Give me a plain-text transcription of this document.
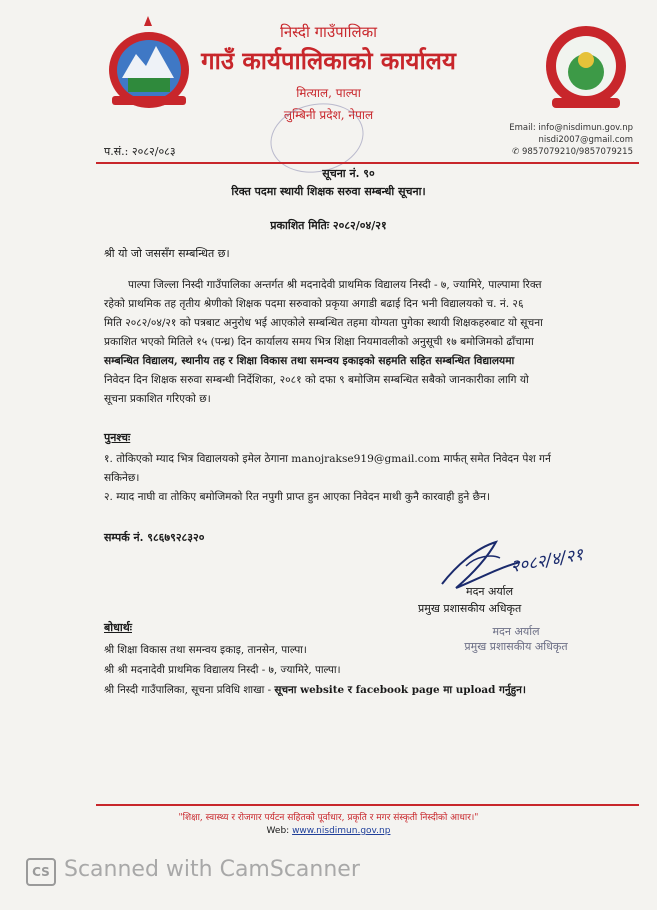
निस्दी गाउँपालिका
गाउँ कार्यपालिकाको कार्यालय
मित्याल, पाल्पा
लुम्बिनी प्रदेश, नेपाल
Email: info@nisdimun.gov.np
nisdi2007@gmail.com
✆ 9857079210/9857079215
प.सं.: २०८२/०८३
सूचना नं. ९०
रिक्त पदमा स्थायी शिक्षक सरुवा सम्बन्धी सूचना।
प्रकाशित मितिः २०८२/०४/२१
श्री यो जो जससँग सम्बन्धित छ।
पाल्पा जिल्ला निस्दी गाउँपालिका अन्तर्गत श्री मदनादेवी प्राथमिक विद्यालय निस्दी - ७, ज्यामिरे, पाल्पामा रिक्त
रहेको प्राथमिक तह तृतीय श्रेणीको शिक्षक पदमा सरुवाको प्रकृया अगाडी बढाई दिन भनी विद्यालयको च. नं. २६
मिति २०८२/०४/२१ को पत्रबाट अनुरोध भई आएकोले सम्बन्धित तहमा योग्यता पुगेका स्थायी शिक्षकहरुबाट यो सूचना
प्रकाशित भएको मितिले १५ (पन्ध्र) दिन कार्यालय समय भित्र शिक्षा नियमावलीको अनुसूची १७ बमोजिमको ढाँचामा
सम्बन्धित विद्यालय, स्थानीय तह र शिक्षा विकास तथा समन्वय इकाइको सहमति सहित सम्बन्धित विद्यालयमा
निवेदन दिन शिक्षक सरुवा सम्बन्धी निर्देशिका, २०८१ को दफा ९ बमोजिम सम्बन्धित सबैको जानकारीका लागि यो
सूचना प्रकाशित गरिएको छ।
पुनश्चः
१. तोकिएको म्याद भित्र विद्यालयको इमेल ठेगाना manojrakse919@gmail.com मार्फत् समेत निवेदन पेश गर्न
सकिनेछ।
२. म्याद नाघी वा तोकिए बमोजिमको रित नपुगी प्राप्त हुन आएका निवेदन माथी कुनै कारवाही हुने छैन।
सम्पर्क नं. ९८६७९२८३२०
२०८२/४/२१
मदन अर्याल
प्रमुख प्रशासकीय अधिकृत
मदन अर्याल
प्रमुख प्रशासकीय अधिकृत
बोधार्थः
श्री शिक्षा विकास तथा समन्वय इकाइ, तानसेन, पाल्पा।
श्री श्री मदनादेवी प्राथमिक विद्यालय निस्दी - ७, ज्यामिरे, पाल्पा।
श्री निस्दी गाउँपालिका, सूचना प्रविधि शाखा - सूचना website र facebook page मा upload गर्नुहुन।
"शिक्षा, स्वास्थ्य र रोजगार पर्यटन सहितको पूर्वाधार, प्रकृति र मगर संस्कृती निस्दीको आधार।"
Web: www.nisdimun.gov.np
CS Scanned with CamScanner
